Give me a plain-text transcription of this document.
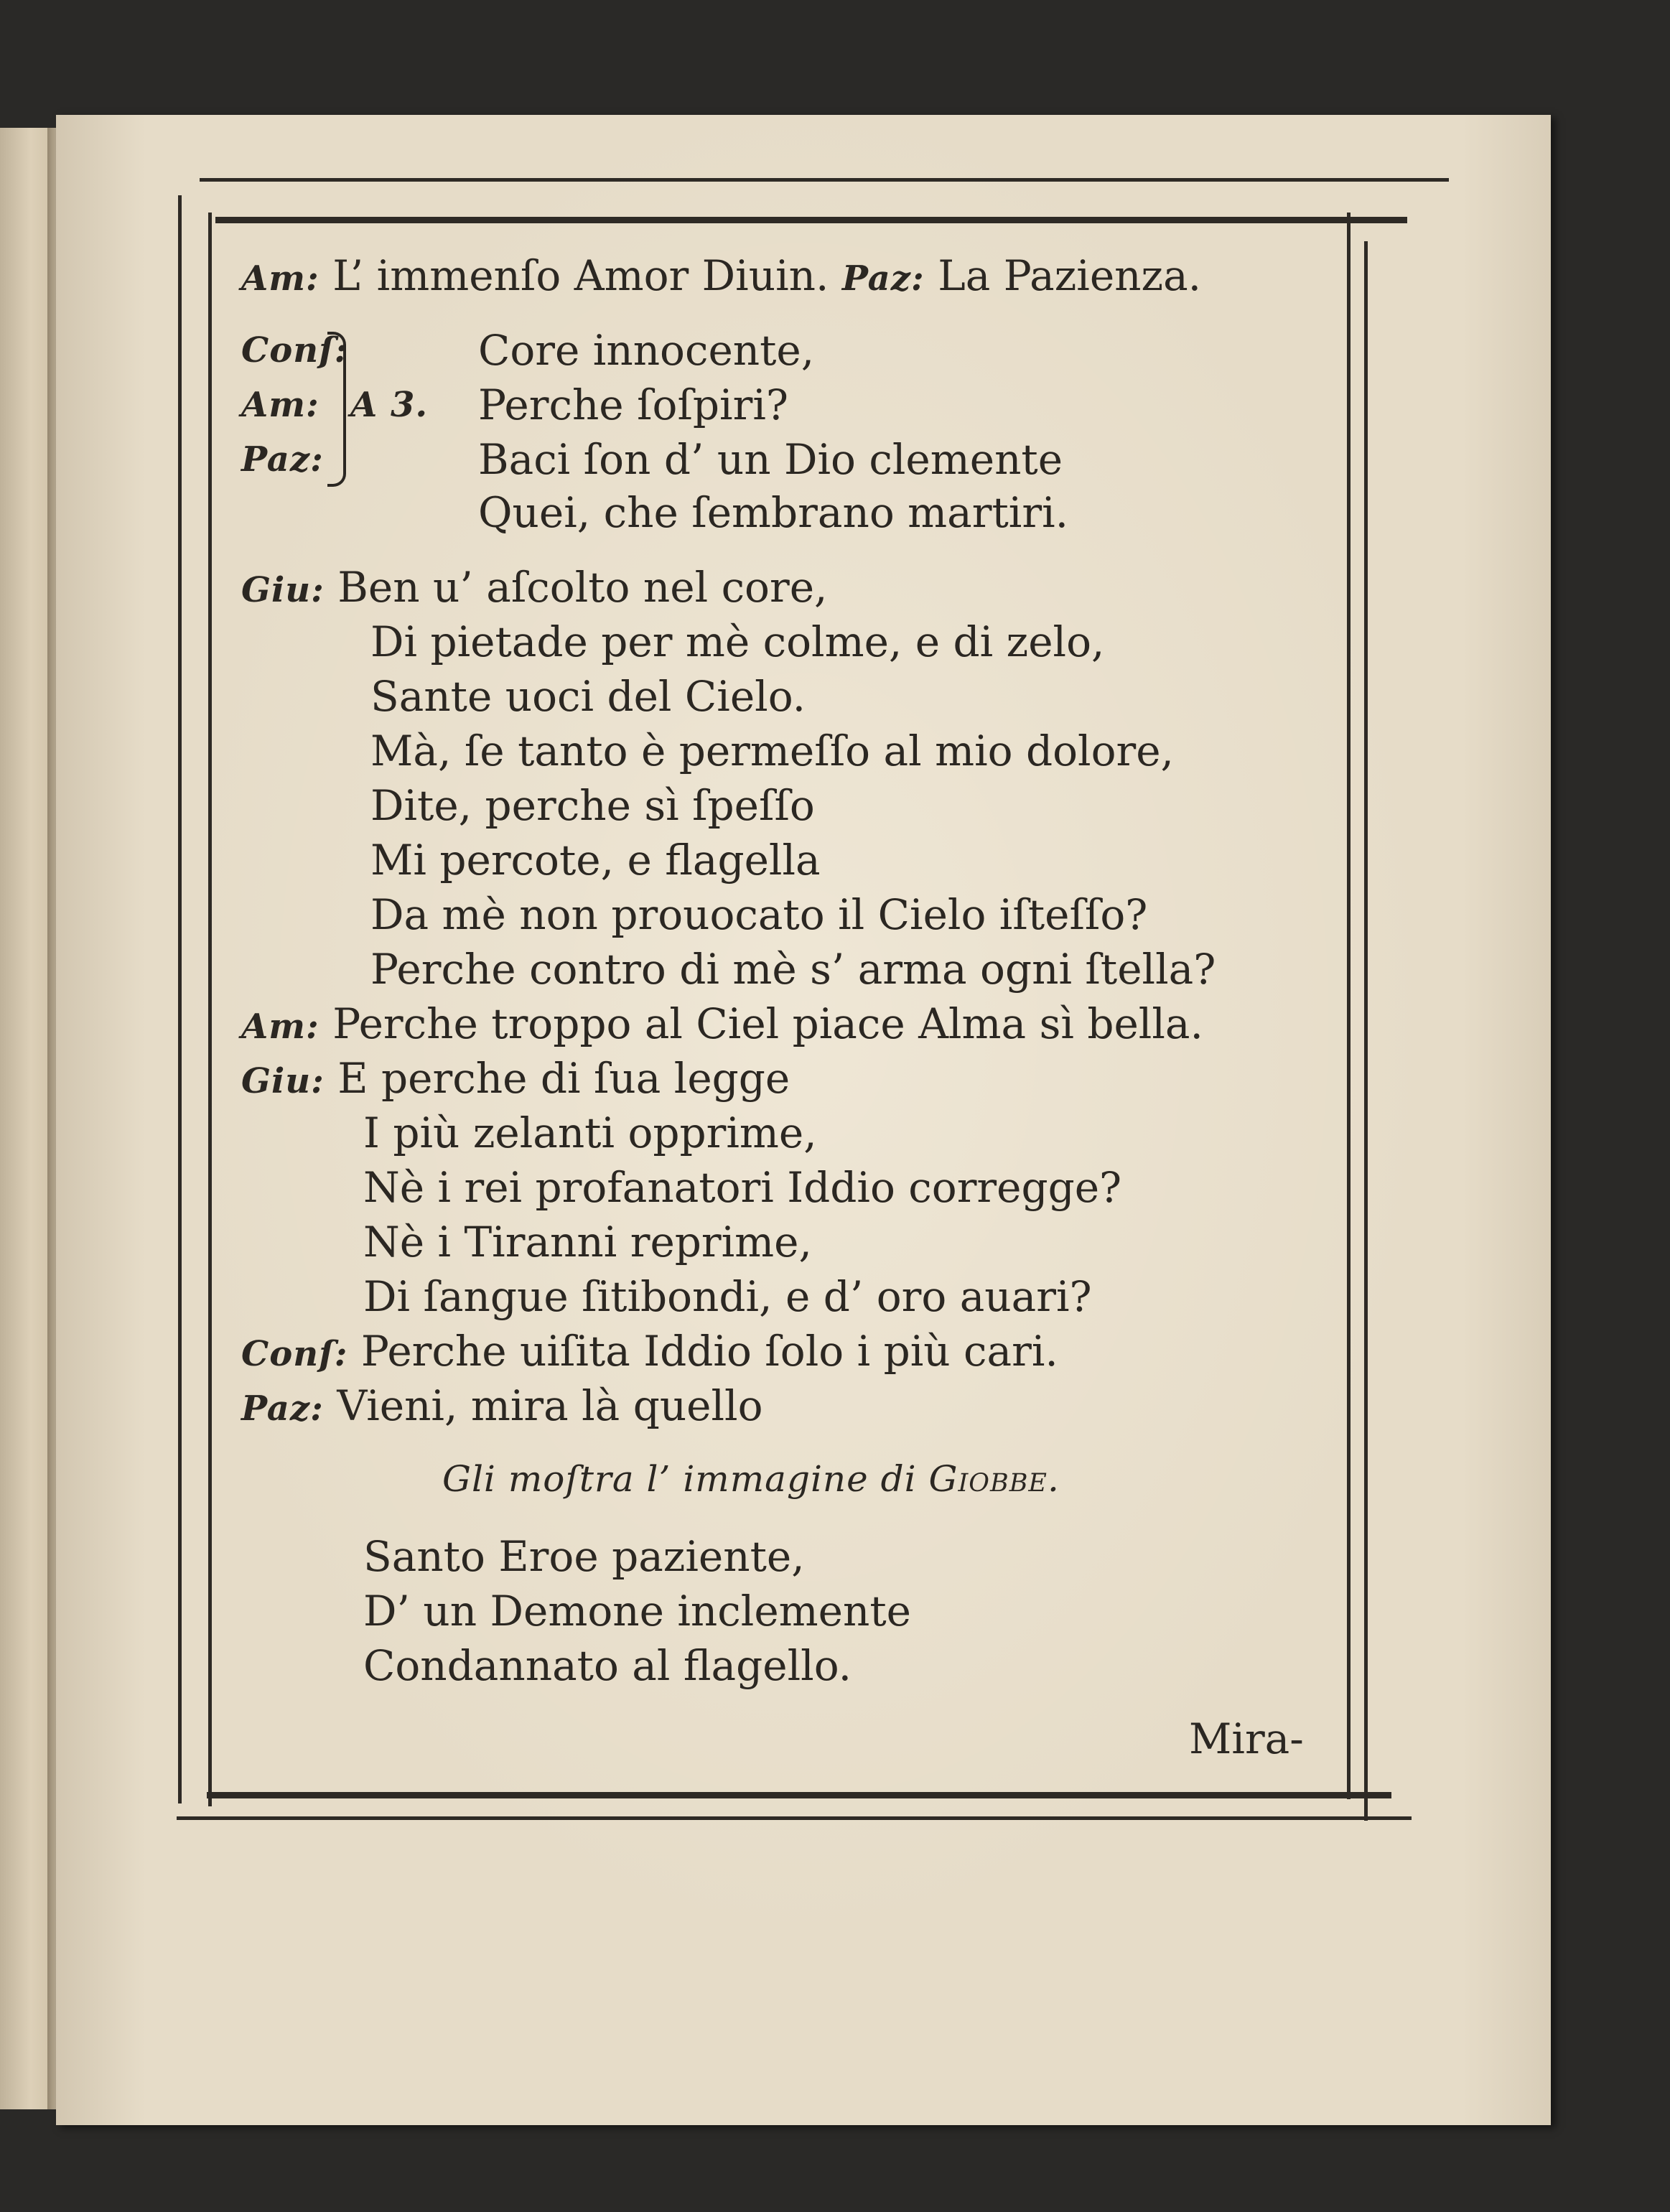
Am: L’ immenſo Amor Diuin. Paz: La Pazienza.
Conſ:
Am:
Paz:
A 3.
Core innocente,
Perche ſoſpiri?
Baci ſon d’ un Dio clemente
Quei, che ſembrano martiri.
Giu: Ben u’ aſcolto nel core,
Di pietade per mè colme, e di zelo,
Sante uoci del Cielo.
Mà, ſe tanto è permeſſo al mio dolore,
Dite, perche sì ſpeſſo
Mi percote, e flagella
Da mè non prouocato il Cielo iſteſſo?
Perche contro di mè s’ arma ogni ſtella?
Am: Perche troppo al Ciel piace Alma sì bella.
Giu: E perche di ſua legge
I più zelanti opprime,
Nè i rei profanatori Iddio corregge?
Nè i Tiranni reprime,
Di ſangue ſitibondi, e d’ oro auari?
Conſ: Perche uiſita Iddio ſolo i più cari.
Paz: Vieni, mira là quello
Gli moſtra l’ immagine di Giobbe.
Santo Eroe paziente,
D’ un Demone inclemente
Condannato al flagello.
Mira-
